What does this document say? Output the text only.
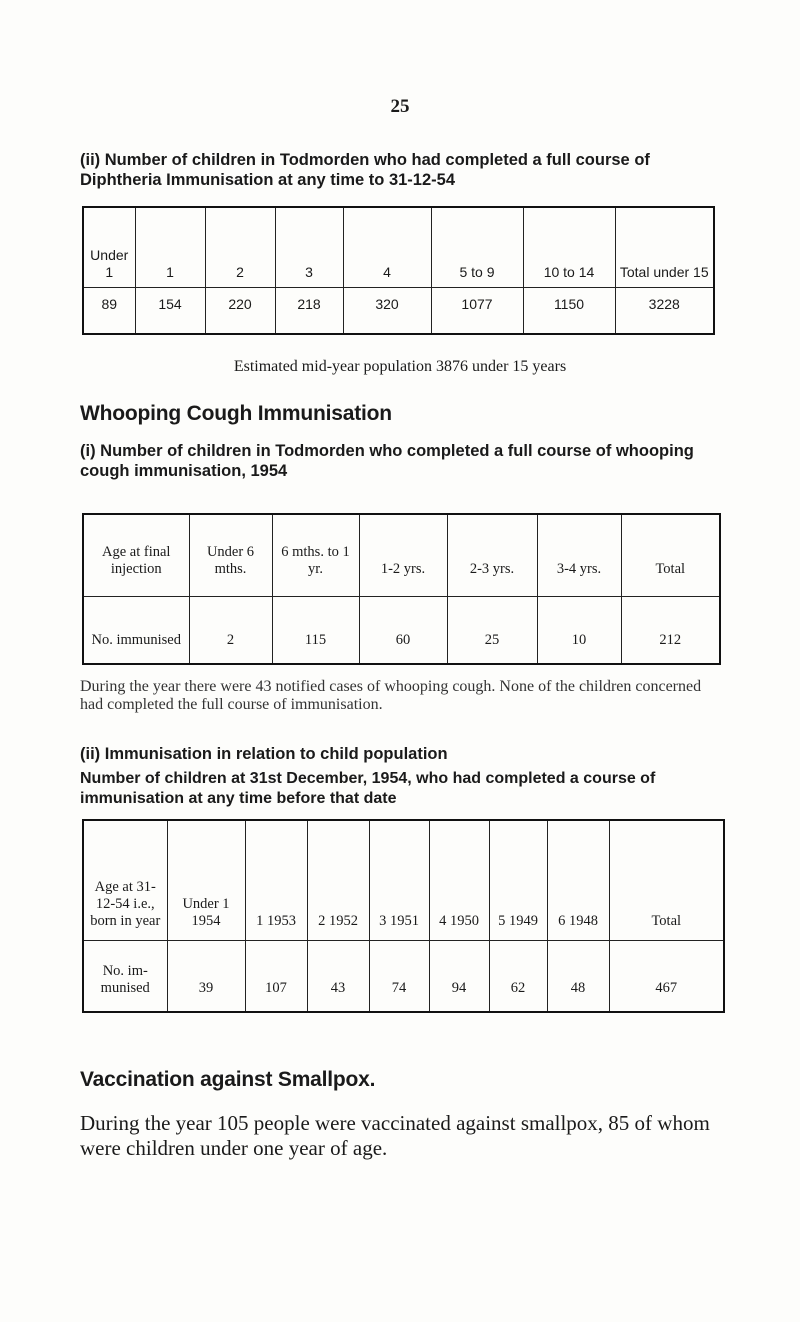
25
(ii) Number of children in Todmorden who had completed a full course of Diphtheria Immunisation at any time to 31-12-54
Under 1	1	2	3	4	5 to 9	10 to 14	Total under 15
89	154	220	218	320	1077	1150	3228
Estimated mid-year population 3876 under 15 years
Whooping Cough Immunisation
(i) Number of children in Todmorden who completed a full course of whooping cough immunisation, 1954
Age at final injection	Under 6 mths.	6 mths. to 1 yr.	1-2 yrs.	2-3 yrs.	3-4 yrs.	Total
No. immunised	2	115	60	25	10	212
During the year there were 43 notified cases of whooping cough. None of the children concerned had completed the full course of immunisation.
(ii) Immunisation in relation to child population
Number of children at 31st December, 1954, who had completed a course of immunisation at any time before that date
Age at 31-12-54 i.e., born in year	Under 1 1954	1 1953	2 1952	3 1951	4 1950	5 1949	6 1948	Total
No. im- munised	39	107	43	74	94	62	48	467
Vaccination against Smallpox.
During the year 105 people were vaccinated against smallpox, 85 of whom were children under one year of age.
